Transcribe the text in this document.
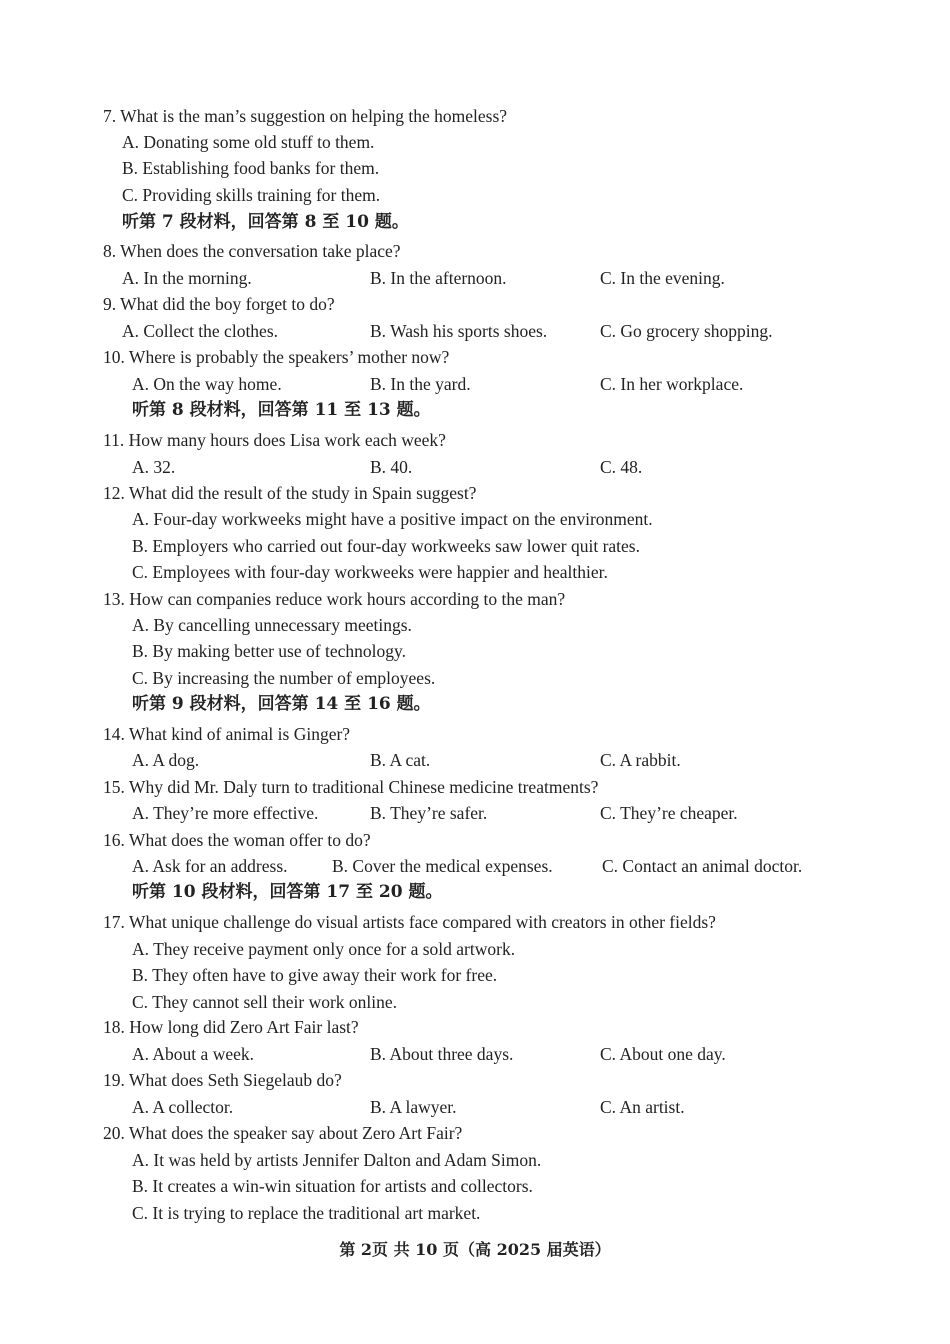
7. What is the man’s suggestion on helping the homeless?
A. Donating some old stuff to them.
B. Establishing food banks for them.
C. Providing skills training for them.
听第 7 段材料，回答第 8 至 10 题。
8. When does the conversation take place?
A. In the morning.	B. In the afternoon.	C. In the evening.
9. What did the boy forget to do?
A. Collect the clothes.	B. Wash his sports shoes.	C. Go grocery shopping.
10. Where is probably the speakers’ mother now?
A. On the way home.	B. In the yard.	C. In her workplace.
听第 8 段材料，回答第 11 至 13 题。
11. How many hours does Lisa work each week?
A. 32.	B. 40.	C. 48.
12. What did the result of the study in Spain suggest?
A. Four-day workweeks might have a positive impact on the environment.
B. Employers who carried out four-day workweeks saw lower quit rates.
C. Employees with four-day workweeks were happier and healthier.
13. How can companies reduce work hours according to the man?
A. By cancelling unnecessary meetings.
B. By making better use of technology.
C. By increasing the number of employees.
听第 9 段材料，回答第 14 至 16 题。
14. What kind of animal is Ginger?
A. A dog.	B. A cat.	C. A rabbit.
15. Why did Mr. Daly turn to traditional Chinese medicine treatments?
A. They’re more effective.	B. They’re safer.	C. They’re cheaper.
16. What does the woman offer to do?
A. Ask for an address.	B. Cover the medical expenses.	C. Contact an animal doctor.
听第 10 段材料，回答第 17 至 20 题。
17. What unique challenge do visual artists face compared with creators in other fields?
A. They receive payment only once for a sold artwork.
B. They often have to give away their work for free.
C. They cannot sell their work online.
18. How long did Zero Art Fair last?
A. About a week.	B. About three days.	C. About one day.
19. What does Seth Siegelaub do?
A. A collector.	B. A lawyer.	C. An artist.
20. What does the speaker say about Zero Art Fair?
A. It was held by artists Jennifer Dalton and Adam Simon.
B. It creates a win-win situation for artists and collectors.
C. It is trying to replace the traditional art market.
第 2页 共 10 页（高 2025 届英语）
